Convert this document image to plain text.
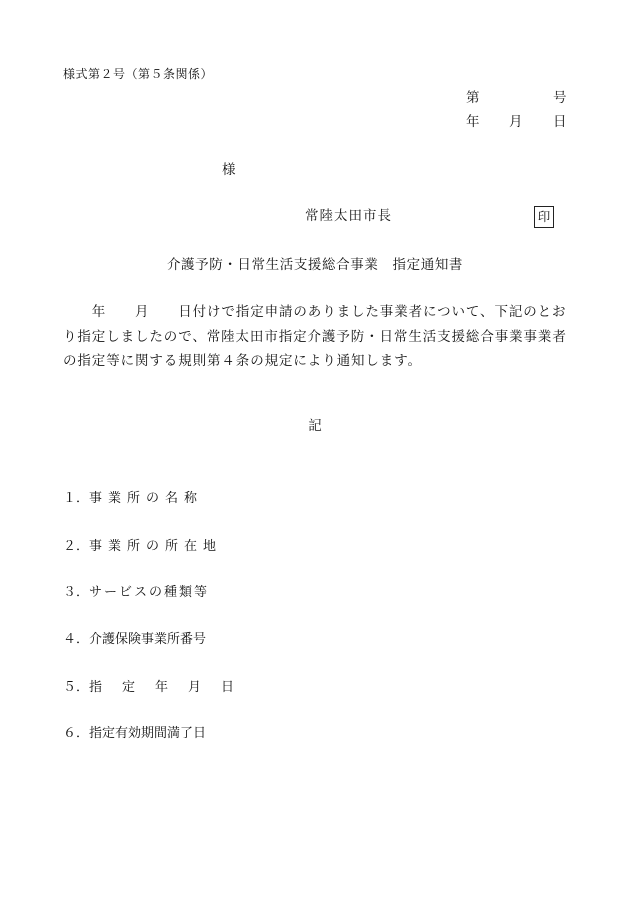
様式第２号（第５条関係）
第	号
年 月 日
様
常陸太田市長	印
介護予防・日常生活支援総合事業　指定通知書
　　年　　月　　日付けで指定申請のありました事業者について、下記のとお
り指定しましたので、常陸太田市指定介護予防・日常生活支援総合事業事業者
の指定等に関する規則第４条の規定により通知します。
記
１．事業所の名称
２．事業所の所在地
３．サービスの種類等
４．介護保険事業所番号
５．指定年月日
６．指定有効期間満了日
